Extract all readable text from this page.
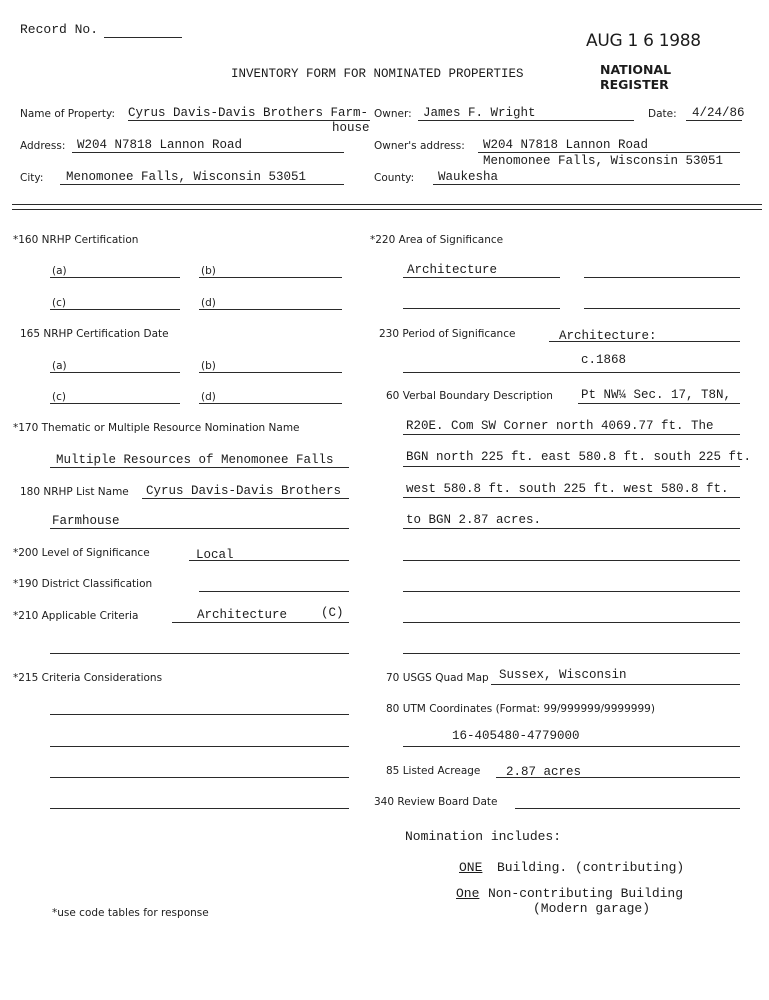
Record No.
AUG 1 6 1988
NATIONAL
REGISTER
INVENTORY FORM FOR NOMINATED PROPERTIES
Name of Property: Cyrus Davis-Davis Brothers Farm-
house
Owner: James F. Wright	Date: 4/24/86
Address: W204 N7818 Lannon Road	Owner's address: W204 N7818 Lannon Road
Menomonee Falls, Wisconsin 53051
City: Menomonee Falls, Wisconsin 53051	County: Waukesha
*160 NRHP Certification
(a)	(b)
(c)	(d)
165 NRHP Certification Date
(a)	(b)
(c)	(d)
*170 Thematic or Multiple Resource Nomination Name
Multiple Resources of Menomonee Falls
180 NRHP List Name Cyrus Davis-Davis Brothers
Farmhouse
*200 Level of Significance	Local
*190 District Classification
*210 Applicable Criteria	Architecture	(C)
*215 Criteria Considerations
*use code tables for response
*220 Area of Significance
Architecture
230 Period of Significance	Architecture:
c.1868
60 Verbal Boundary Description Pt NW¼ Sec. 17, T8N,
R20E. Com SW Corner north 4069.77 ft. The
BGN north 225 ft. east 580.8 ft. south 225 ft.
west 580.8 ft. south 225 ft. west 580.8 ft.
to BGN 2.87 acres.
70 USGS Quad Map Sussex, Wisconsin
80 UTM Coordinates (Format: 99/999999/9999999)
16-405480-4779000
85 Listed Acreage 2.87 acres
340 Review Board Date
Nomination includes:
ONE Building. (contributing)
One Non-contributing Building
(Modern garage)
